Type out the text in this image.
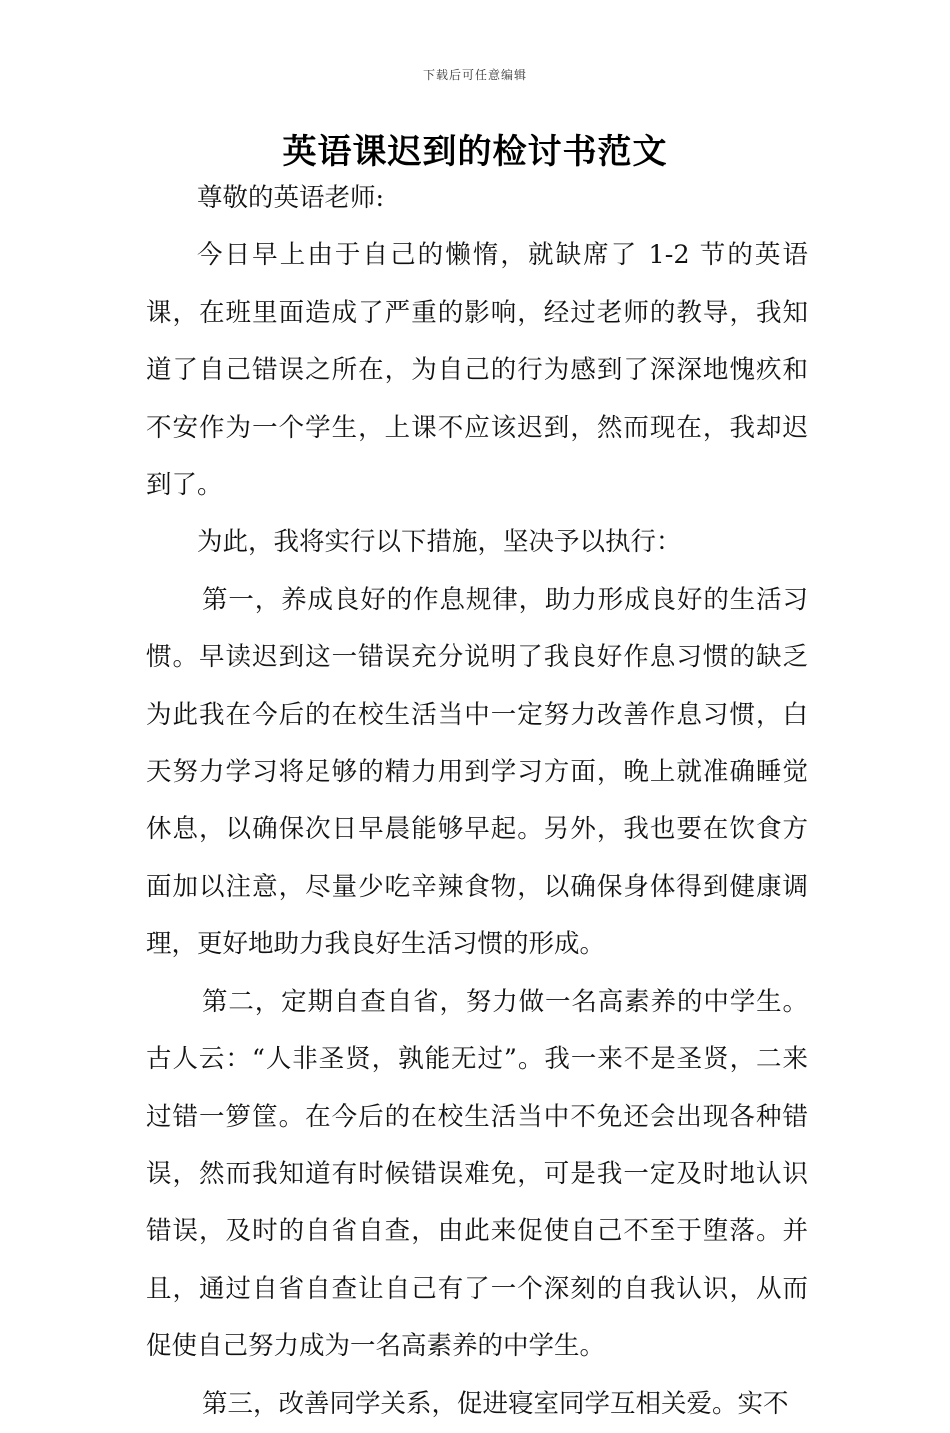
下载后可任意编辑
英语课迟到的检讨书范文

尊敬的英语老师:

今日早上由于自己的懒惰，就缺席了 1-2 节的英语课，在班里面造成了严重的影响，经过老师的教导，我知道了自己错误之所在，为自己的行为感到了深深地愧疚和不安作为一个学生，上课不应该迟到，然而现在，我却迟到了。

为此，我将实行以下措施，坚决予以执行：

第一，养成良好的作息规律，助力形成良好的生活习惯。早读迟到这一错误充分说明了我良好作息习惯的缺乏为此我在今后的在校生活当中一定努力改善作息习惯，白天努力学习将足够的精力用到学习方面，晚上就准确睡觉休息，以确保次日早晨能够早起。另外，我也要在饮食方面加以注意，尽量少吃辛辣食物，以确保身体得到健康调理，更好地助力我良好生活习惯的形成。

第二，定期自查自省，努力做一名高素养的中学生。古人云：“人非圣贤，孰能无过”。我一来不是圣贤，二来过错一箩筐。在今后的在校生活当中不免还会出现各种错误，然而我知道有时候错误难免，可是我一定及时地认识错误，及时的自省自查，由此来促使自己不至于堕落。并且，通过自省自查让自己有了一个深刻的自我认识，从而促使自己努力成为一名高素养的中学生。

第三，改善同学关系，促进寝室同学互相关爱。实不
